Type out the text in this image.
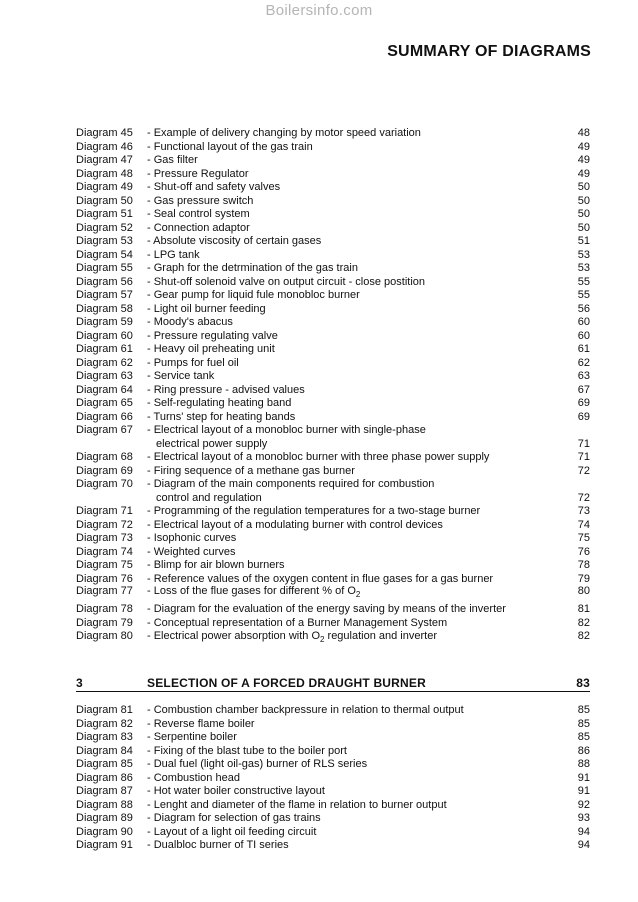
Boilersinfo.com
SUMMARY OF DIAGRAMS
Diagram 45 - Example of delivery changing by motor speed variation	48
Diagram 46 - Functional layout of the gas train	49
Diagram 47 - Gas filter	49
Diagram 48 - Pressure Regulator	49
Diagram 49 - Shut-off and safety valves	50
Diagram 50 - Gas pressure switch	50
Diagram 51 - Seal control system	50
Diagram 52 - Connection adaptor	50
Diagram 53 - Absolute viscosity of certain gases	51
Diagram 54 - LPG tank	53
Diagram 55 - Graph for the detrmination of the gas train	53
Diagram 56 - Shut-off solenoid valve on output circuit - close postition	55
Diagram 57 - Gear pump for liquid fule monobloc burner	55
Diagram 58 - Light oil burner feeding	56
Diagram 59 - Moody's abacus	60
Diagram 60 - Pressure regulating valve	60
Diagram 61 - Heavy oil preheating unit	61
Diagram 62 - Pumps for fuel oil	62
Diagram 63 - Service tank	63
Diagram 64 - Ring pressure - advised values	67
Diagram 65 - Self-regulating heating band	69
Diagram 66 - Turns' step for heating bands	69
Diagram 67 - Electrical layout of a monobloc burner with single-phase
electrical power supply	71
Diagram 68 - Electrical layout of a monobloc burner with three phase power supply	71
Diagram 69 - Firing sequence of a methane gas burner	72
Diagram 70 - Diagram of the main components required for combustion
control and regulation	72
Diagram 71 - Programming of the regulation temperatures for a two-stage burner	73
Diagram 72 - Electrical layout of a modulating burner with control devices	74
Diagram 73 - Isophonic curves	75
Diagram 74 - Weighted curves	76
Diagram 75 - Blimp for air blown burners	78
Diagram 76 - Reference values of the oxygen content in flue gases for a gas burner	79
Diagram 77 - Loss of the flue gases for different % of $O_2$	80
Diagram 78 - Diagram for the evaluation of the energy saving by means of the inverter	81
Diagram 79 - Conceptual representation of a Burner Management System	82
Diagram 80 - Electrical power absorption with $O_2$ regulation and inverter	82
3	SELECTION OF A FORCED DRAUGHT BURNER	83
Diagram 81 - Combustion chamber backpressure in relation to thermal output	85
Diagram 82 - Reverse flame boiler	85
Diagram 83 - Serpentine boiler	85
Diagram 84 - Fixing of the blast tube to the boiler port	86
Diagram 85 - Dual fuel (light oil-gas) burner of RLS series	88
Diagram 86 - Combustion head	91
Diagram 87 - Hot water boiler constructive layout	91
Diagram 88 - Lenght and diameter of the flame in relation to burner output	92
Diagram 89 - Diagram for selection of gas trains	93
Diagram 90 - Layout of a light oil feeding circuit	94
Diagram 91 - Dualbloc burner of TI series	94
